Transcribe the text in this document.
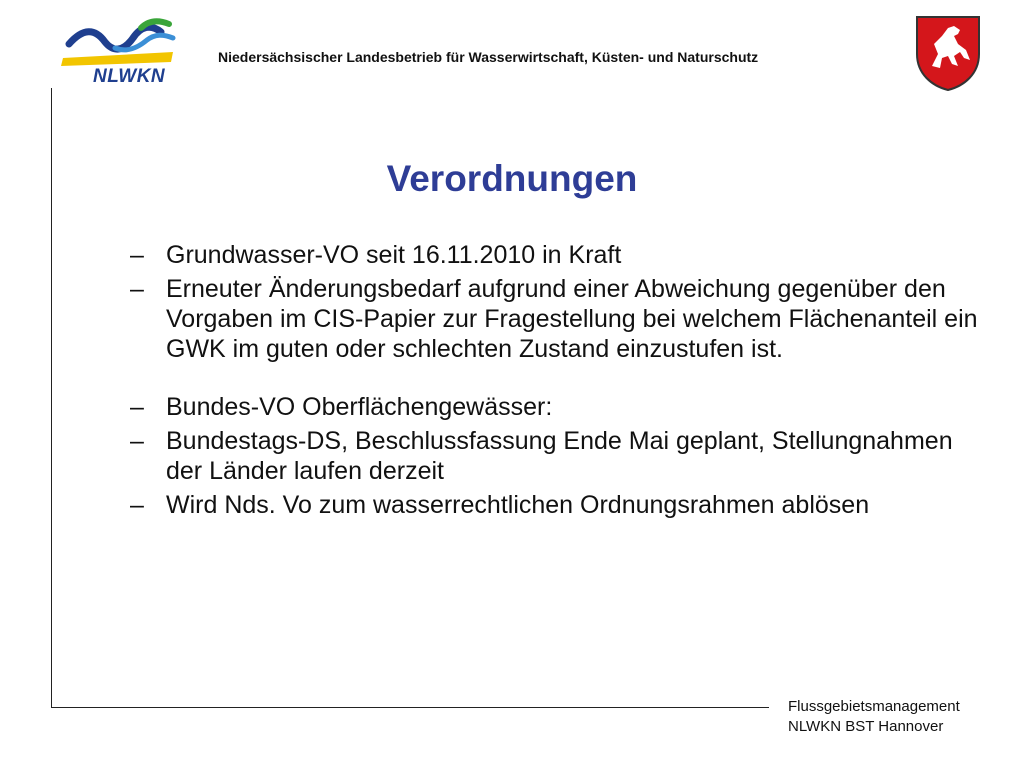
NLWKN
Niedersächsischer Landesbetrieb für Wasserwirtschaft, Küsten- und Naturschutz
Verordnungen
– Grundwasser-VO seit 16.11.2010 in Kraft
– Erneuter Änderungsbedarf aufgrund einer Abweichung gegenüber den Vorgaben im CIS-Papier zur Fragestellung bei welchem Flächenanteil ein GWK im guten oder schlechten Zustand einzustufen ist.
– Bundes-VO Oberflächengewässer:
– Bundestags-DS, Beschlussfassung Ende Mai geplant, Stellungnahmen der Länder laufen derzeit
– Wird Nds. Vo zum wasserrechtlichen Ordnungsrahmen ablösen
Flussgebietsmanagement
NLWKN BST Hannover
